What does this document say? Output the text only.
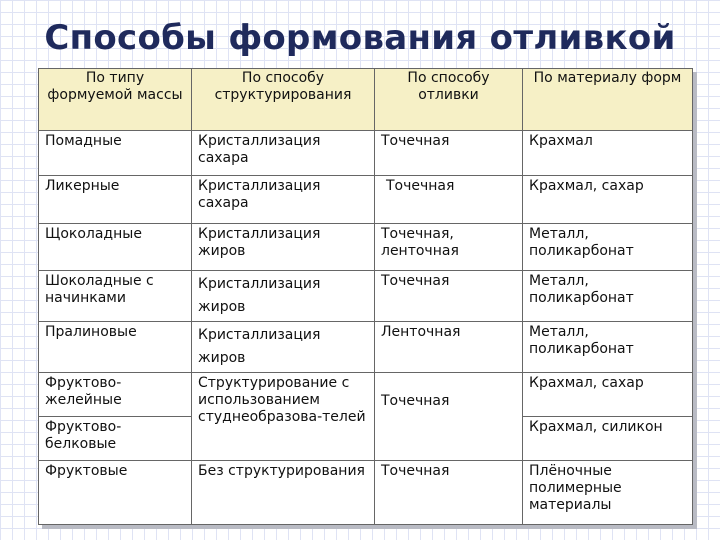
Способы формования отливкой
По типу формуемой массы	По способу структурирования	По способу отливки	По материалу форм
Помадные	Кристаллизация сахара	Точечная	Крахмал
Ликерные	Кристаллизация сахара	Точечная	Крахмал, сахар
Щоколадные	Кристаллизация жиров	Точечная, ленточная	Металл, поликарбонат
Шоколадные с начинками	Кристаллизация жиров	Точечная	Металл, поликарбонат
Пралиновые	Кристаллизация жиров	Ленточная	Металл, поликарбонат
Фруктово-желейные	Структурирование с использованием студнеобразова-телей	Точечная	Крахмал, сахар
Фруктово-белковые			Крахмал, силикон
Фруктовые	Без структурирования	Точечная	Плёночные полимерные материалы
